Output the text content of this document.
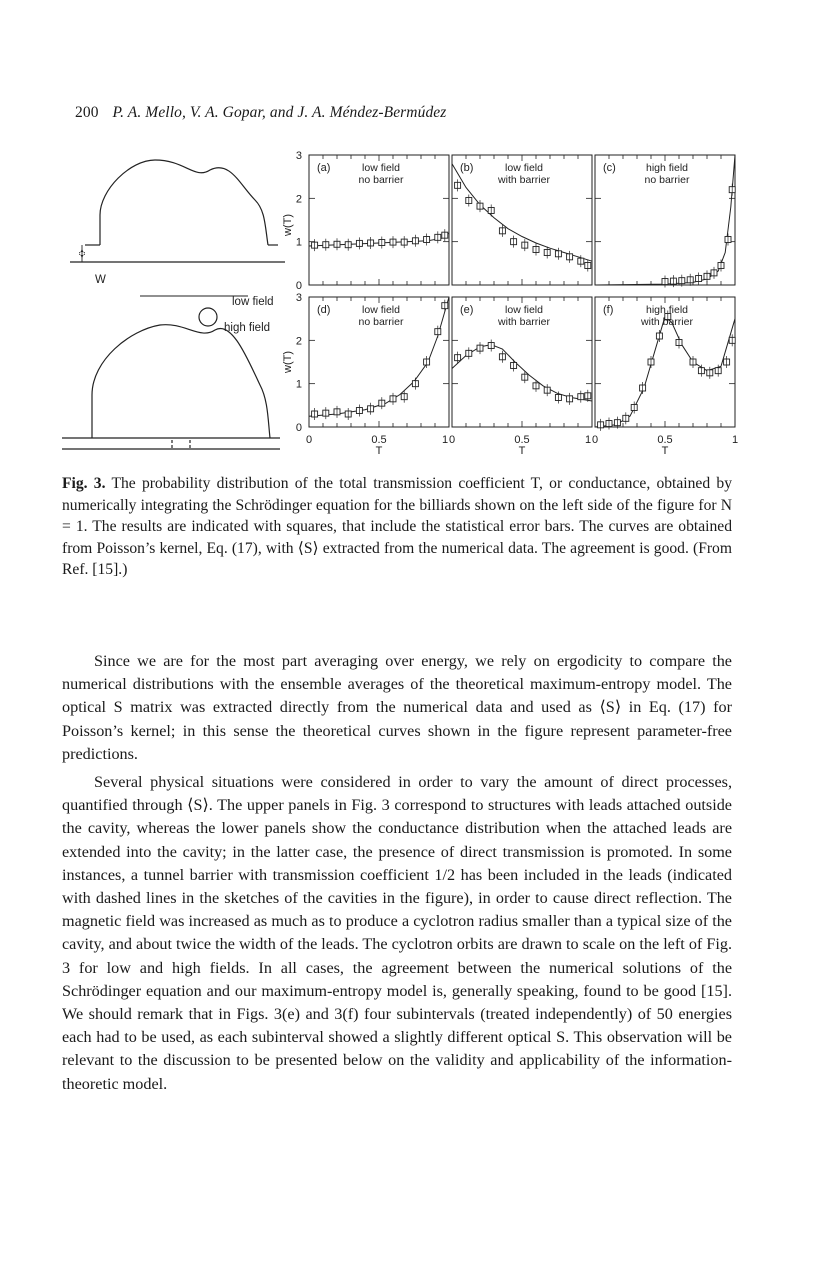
200 P. A. Mello, V. A. Gopar, and J. A. Méndez-Bermúdez
W
low field
high field
(a)	low field
no barrier
(b)	low field
with barrier
(c)	high field
no barrier
(d)	low field
no barrier
(e)	low field
with barrier
(f)	high field
with barrier
0
1
2
3
0
1
2
3
0	0.5	1
T
0	0.5	1
T
0	0.5	1
T
w(T)
w(T)
Fig. 3. The probability distribution of the total transmission coefficient T, or conductance, obtained by numerically integrating the Schrödinger equation for the billiards shown on the left side of the figure for N = 1. The results are indicated with squares, that include the statistical error bars. The curves are obtained from Poisson’s kernel, Eq. (17), with ⟨S⟩ extracted from the numerical data. The agreement is good. (From Ref. [15].)

Since we are for the most part averaging over energy, we rely on ergodicity to compare the numerical distributions with the ensemble averages of the theoretical maximum-entropy model. The optical S matrix was extracted directly from the numerical data and used as ⟨S⟩ in Eq. (17) for Poisson’s kernel; in this sense the theoretical curves shown in the figure represent parameter-free predictions.

Several physical situations were considered in order to vary the amount of direct processes, quantified through ⟨S⟩. The upper panels in Fig. 3 correspond to structures with leads attached outside the cavity, whereas the lower panels show the conductance distribution when the attached leads are extended into the cavity; in the latter case, the presence of direct transmission is promoted. In some instances, a tunnel barrier with transmission coefficient 1/2 has been included in the leads (indicated with dashed lines in the sketches of the cavities in the figure), in order to cause direct reflection. The magnetic field was increased as much as to produce a cyclotron radius smaller than a typical size of the cavity, and about twice the width of the leads. The cyclotron orbits are drawn to scale on the left of Fig. 3 for low and high fields. In all cases, the agreement between the numerical solutions of the Schrödinger equation and our maximum-entropy model is, generally speaking, found to be good [15]. We should remark that in Figs. 3(e) and 3(f) four subintervals (treated independently) of 50 energies each had to be used, as each subinterval showed a slightly different optical S. This observation will be relevant to the discussion to be presented below on the validity and applicability of the information-theoretic model.
